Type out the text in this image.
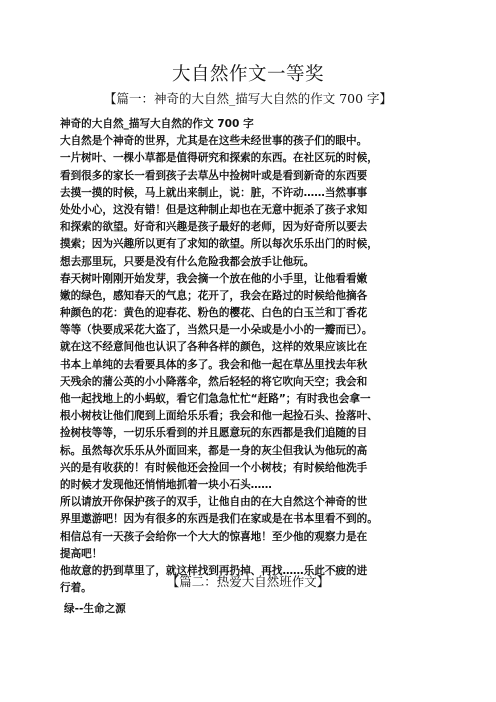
大自然作文一等奖
【篇一：神奇的大自然_描写大自然的作文 700 字】
神奇的大自然_描写大自然的作文 700 字
大自然是个神奇的世界，尤其是在这些未经世事的孩子们的眼中。
一片树叶、一棵小草都是值得研究和探索的东西。在社区玩的时候，
看到很多的家长一看到孩子去草丛中捡树叶或是看到新奇的东西要
去摸一摸的时候，马上就出来制止，说：脏，不许动……当然事事
处处小心，这没有错！但是这种制止却也在无意中扼杀了孩子求知
和探索的欲望。好奇和兴趣是孩子最好的老师，因为好奇所以要去
摸索；因为兴趣所以更有了求知的欲望。所以每次乐乐出门的时候，
想去那里玩，只要是没有什么危险我都会放手让他玩。
春天树叶刚刚开始发芽，我会摘一个放在他的小手里，让他看看嫩
嫩的绿色，感知春天的气息；花开了，我会在路过的时候给他摘各
种颜色的花：黄色的迎春花、粉色的樱花、白色的白玉兰和丁香花
等等（快要成采花大盗了，当然只是一小朵或是小小的一瓣而已）。
就在这不经意间他也认识了各种各样的颜色，这样的效果应该比在
书本上单纯的去看要具体的多了。我会和他一起在草丛里找去年秋
天残余的蒲公英的小小降落伞，然后轻轻的将它吹向天空；我会和
他一起找地上的小蚂蚁，看它们急急忙忙“赶路”；有时我也会拿一
根小树枝让他们爬到上面给乐乐看；我会和他一起捡石头、捡落叶、
捡树枝等等，一切乐乐看到的并且愿意玩的东西都是我们追随的目
标。虽然每次乐乐从外面回来，都是一身的灰尘但我认为他玩的高
兴的是有收获的！有时候他还会捡回一个小树枝；有时候给他洗手
的时候才发现他还悄悄地抓着一块小石头……
所以请放开你保护孩子的双手，让他自由的在大自然这个神奇的世
界里遨游吧！因为有很多的东西是我们在家或是在书本里看不到的。
相信总有一天孩子会给你一个大大的惊喜地！至少他的观察力是在
提高吧！
他故意的扔到草里了，就这样找到再扔掉、再找……乐此不疲的进
行着。	【篇二：热爱大自然班作文】
绿--生命之源
